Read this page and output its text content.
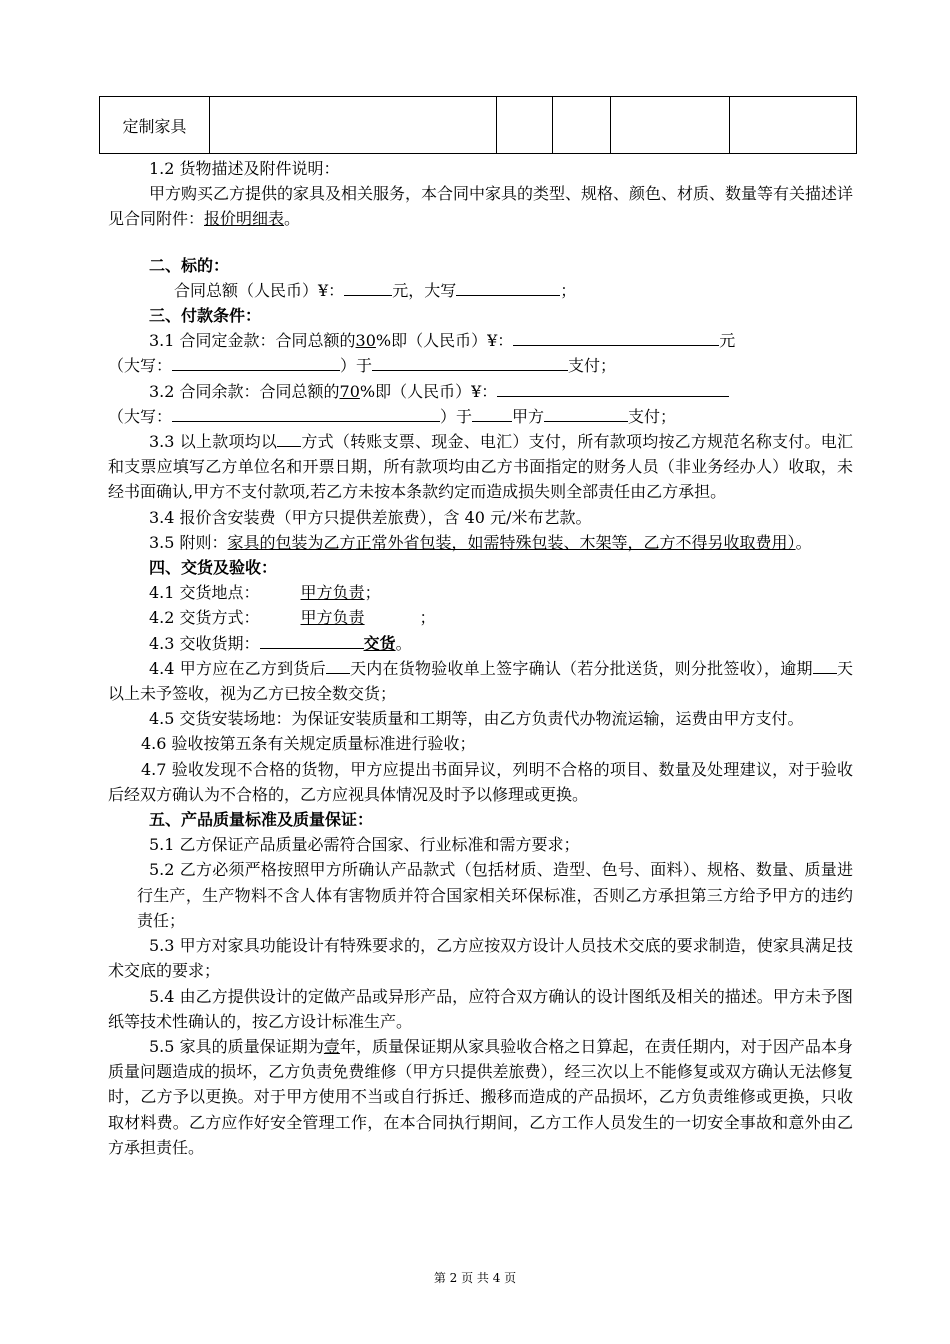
定制家具					

1.2 货物描述及附件说明：

甲方购买乙方提供的家具及相关服务，本合同中家具的类型、规格、颜色、材质、数量等有关描述详见合同附件：报价明细表。

二、标的：

合同总额（人民币）¥：	元，大写	；

三、付款条件：

3.1 合同定金款：合同总额的30%即（人民币）¥：	元

（大写：	）于	支付；

3.2 合同余款：合同总额的70%即（人民币）¥：

（大写：	）于	甲方	支付；

3.3 以上款项均以 方式（转账支票、现金、电汇）支付，所有款项均按乙方规范名称支付。电汇和支票应填写乙方单位名和开票日期，所有款项均由乙方书面指定的财务人员（非业务经办人）收取，未经书面确认,甲方不支付款项,若乙方未按本条款约定而造成损失则全部责任由乙方承担。

3.4 报价含安装费（甲方只提供差旅费），含 40 元/米布艺款。

3.5 附则：家具的包装为乙方正常外省包装，如需特殊包装、木架等，乙方不得另收取费用）。

四、交货及验收：

4.1 交货地点：	甲方负责；

4.2 交货方式：	甲方负责	；

4.3 交收货期：	交货。

4.4 甲方应在乙方到货后 天内在货物验收单上签字确认（若分批送货，则分批签收），逾期 天以上未予签收，视为乙方已按全数交货；

4.5 交货安装场地：为保证安装质量和工期等，由乙方负责代办物流运输，运费由甲方支付。

4.6 验收按第五条有关规定质量标准进行验收；

4.7 验收发现不合格的货物，甲方应提出书面异议，列明不合格的项目、数量及处理建议，对于验收后经双方确认为不合格的，乙方应视具体情况及时予以修理或更换。

五、产品质量标准及质量保证：

5.1 乙方保证产品质量必需符合国家、行业标准和需方要求；

5.2 乙方必须严格按照甲方所确认产品款式（包括材质、造型、色号、面料）、规格、数量、质量进行生产，生产物料不含人体有害物质并符合国家相关环保标准，否则乙方承担第三方给予甲方的违约责任；

5.3 甲方对家具功能设计有特殊要求的，乙方应按双方设计人员技术交底的要求制造，使家具满足技术交底的要求；

5.4 由乙方提供设计的定做产品或异形产品，应符合双方确认的设计图纸及相关的描述。甲方未予图纸等技术性确认的，按乙方设计标准生产。

5.5 家具的质量保证期为壹年，质量保证期从家具验收合格之日算起，在责任期内，对于因产品本身质量问题造成的损坏，乙方负责免费维修（甲方只提供差旅费），经三次以上不能修复或双方确认无法修复时，乙方予以更换。对于甲方使用不当或自行拆迁、搬移而造成的产品损坏，乙方负责维修或更换，只收取材料费。乙方应作好安全管理工作，在本合同执行期间，乙方工作人员发生的一切安全事故和意外由乙方承担责任。

第 2 页 共 4 页
